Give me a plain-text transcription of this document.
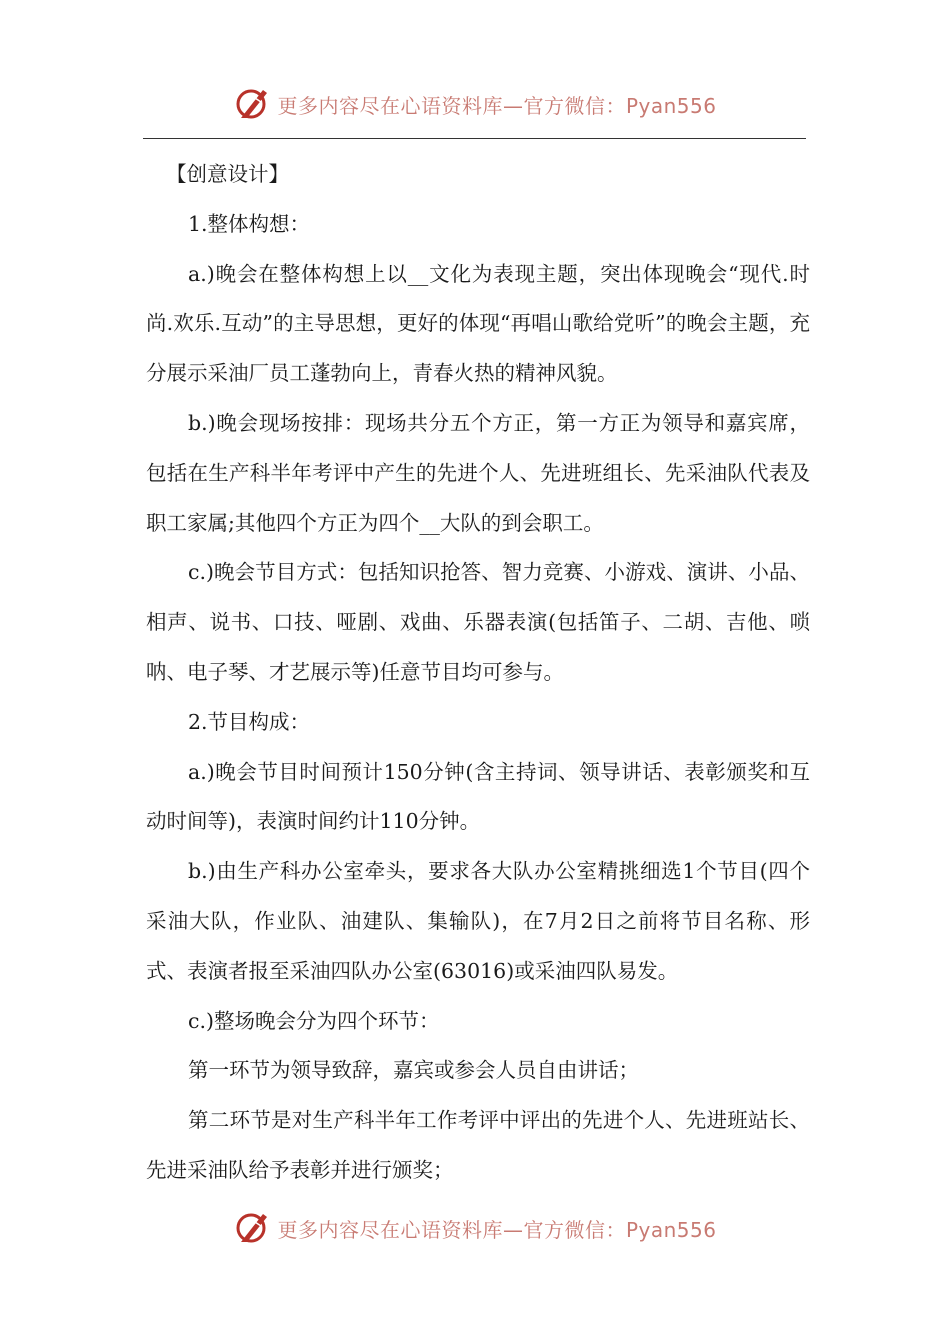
更多内容尽在心语资料库—官方微信：Pyan556

【创意设计】

1.整体构想：

a.)晚会在整体构想上以__文化为表现主题，突出体现晚会“现代.时尚.欢乐.互动”的主导思想，更好的体现“再唱山歌给党听”的晚会主题，充分展示采油厂员工蓬勃向上，青春火热的精神风貌。

b.)晚会现场按排：现场共分五个方正，第一方正为领导和嘉宾席，包括在生产科半年考评中产生的先进个人、先进班组长、先采油队代表及职工家属;其他四个方正为四个__大队的到会职工。

c.)晚会节目方式：包括知识抢答、智力竞赛、小游戏、演讲、小品、相声、说书、口技、哑剧、戏曲、乐器表演(包括笛子、二胡、吉他、唢呐、电子琴、才艺展示等)任意节目均可参与。

2.节目构成：

a.)晚会节目时间预计150分钟(含主持词、领导讲话、表彰颁奖和互动时间等)，表演时间约计110分钟。

b.)由生产科办公室牵头，要求各大队办公室精挑细选1个节目(四个采油大队，作业队、油建队、集输队)，在7月2日之前将节目名称、形式、表演者报至采油四队办公室(63016)或采油四队易发。

c.)整场晚会分为四个环节：

第一环节为领导致辞，嘉宾或参会人员自由讲话；

第二环节是对生产科半年工作考评中评出的先进个人、先进班站长、先进采油队给予表彰并进行颁奖；

更多内容尽在心语资料库—官方微信：Pyan556
